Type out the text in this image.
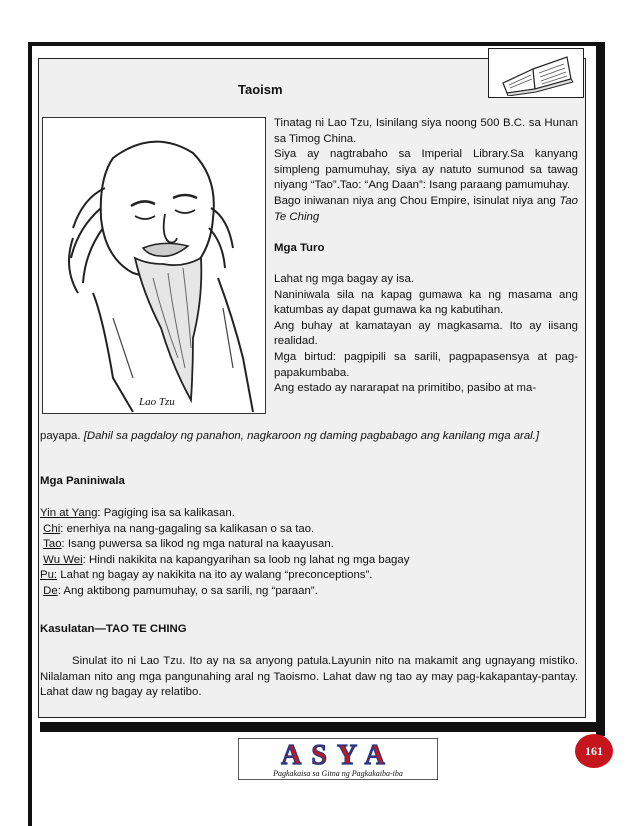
Taoism
Lao Tzu

Tinatag ni Lao Tzu, Isinilang siya noong 500 B.C. sa Hunan sa Timog China.

Siya ay nagtrabaho sa Imperial Library.Sa kanyang simpleng pamumuhay, siya ay natuto sumunod sa tawag niyang “Tao”.Tao: “Ang Daan”: Isang paraang pamumuhay.

Bago iniwanan niya ang Chou Empire, isinulat niya ang Tao Te Ching

Mga Turo

Lahat ng mga bagay ay isa.

Naniniwala sila na kapag gumawa ka ng masama ang katumbas ay dapat gumawa ka ng kabutihan.

Ang buhay at kamatayan ay magkasama. Ito ay iisang realidad.

Mga birtud: pagpipili sa sarili, pagpapasensya at pag-papakumbaba.

Ang estado ay nararapat na primitibo, pasibo at ma-

payapa. [Dahil sa pagdaloy ng panahon, nagkaroon ng daming pagbabago ang kanilang mga aral.]

Mga Paniniwala

Yin at Yang: Pagiging isa sa kalikasan.

Chi: enerhiya na nang-gagaling sa kalikasan o sa tao.

Tao: Isang puwersa sa likod ng mga natural na kaayusan.

Wu Wei: Hindi nakikita na kapangyarihan sa loob ng lahat ng mga bagay

Pu: Lahat ng bagay ay nakikita na ito ay walang “preconceptions”.

De: Ang aktibong pamumuhay, o sa sarili, ng “paraan”.

Kasulatan—TAO TE CHING

Sinulat ito ni Lao Tzu. Ito ay na sa anyong patula.Layunin nito na makamit ang ugnayang mistiko. Nilalaman nito ang mga pangunahing aral ng Taoismo. Lahat daw ng tao ay may pag-kakapantay-pantay. Lahat daw ng bagay ay relatibo.

ASYA
Pagkakaisa sa Gitna ng Pagkakaiba-iba
161
